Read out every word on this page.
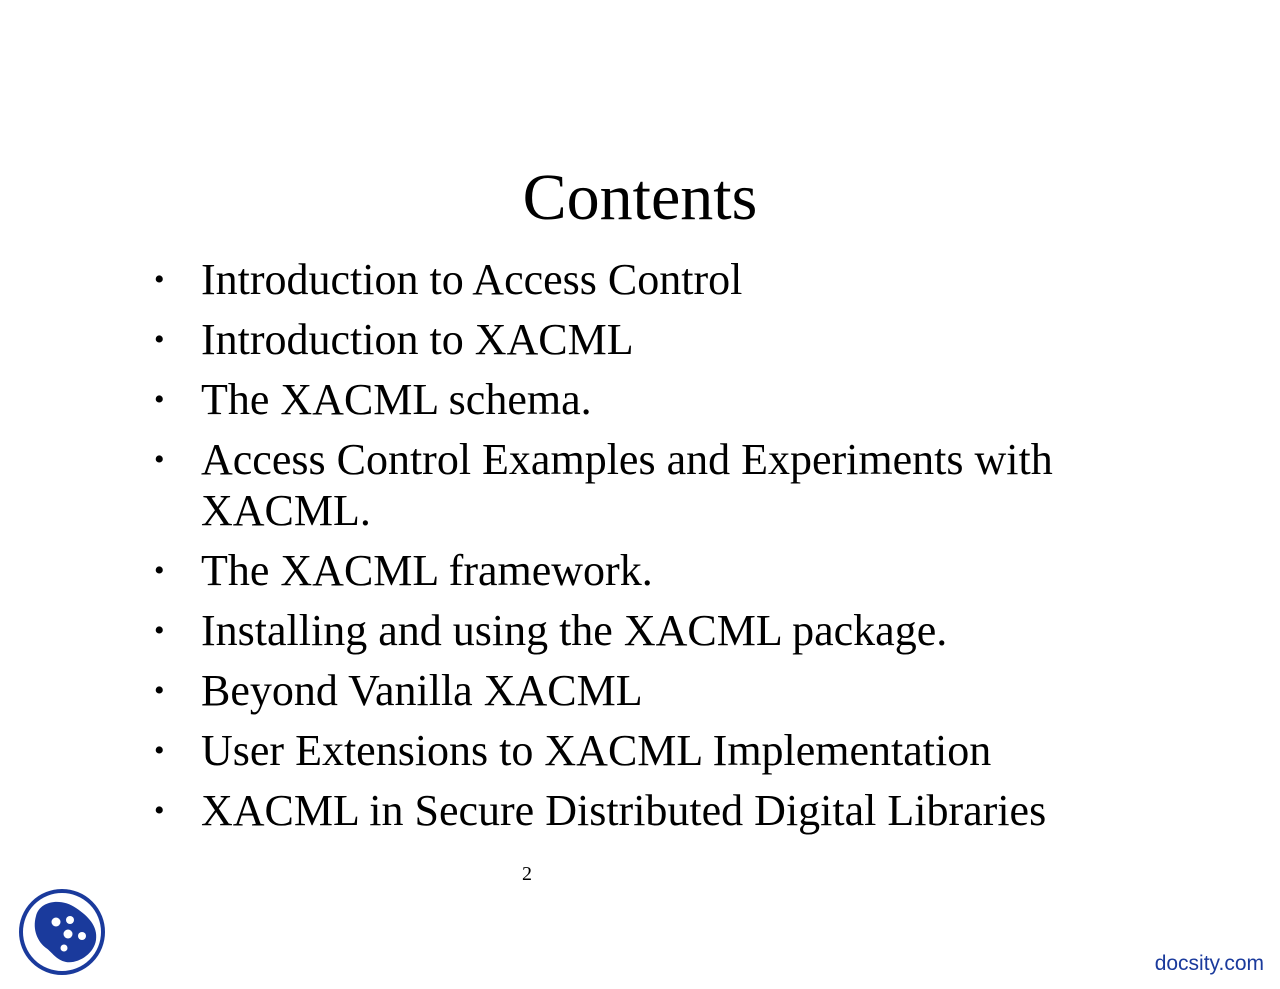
Contents
• Introduction to Access Control
• Introduction to XACML
• The XACML schema.
• Access Control Examples and Experiments with XACML.
• The XACML framework.
• Installing and using the XACML package.
• Beyond Vanilla XACML
• User Extensions to XACML Implementation
• XACML in Secure Distributed Digital Libraries
2
docsity.com
